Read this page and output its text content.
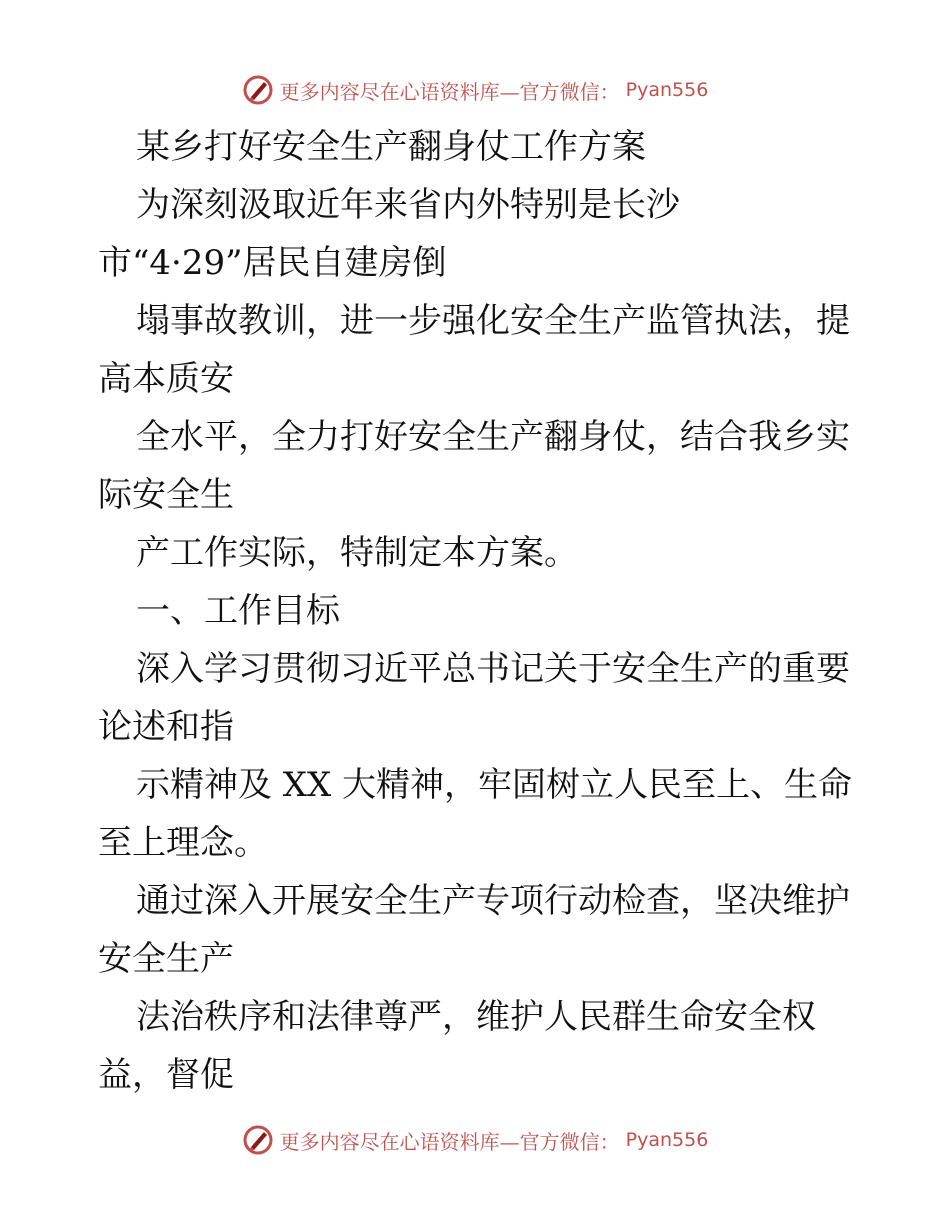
更多内容尽在心语资料库—官方微信： Pyan556
某乡打好安全生产翻身仗工作方案
为深刻汲取近年来省内外特别是长沙
市“4·29”居民自建房倒
塌事故教训，进一步强化安全生产监管执法，提
高本质安
全水平，全力打好安全生产翻身仗，结合我乡实
际安全生
产工作实际，特制定本方案。
一、工作目标
深入学习贯彻习近平总书记关于安全生产的重要
论述和指
示精神及 XX 大精神，牢固树立人民至上、生命
至上理念。
通过深入开展安全生产专项行动检查，坚决维护
安全生产
法治秩序和法律尊严，维护人民群生命安全权
益，督促
更多内容尽在心语资料库—官方微信： Pyan556
